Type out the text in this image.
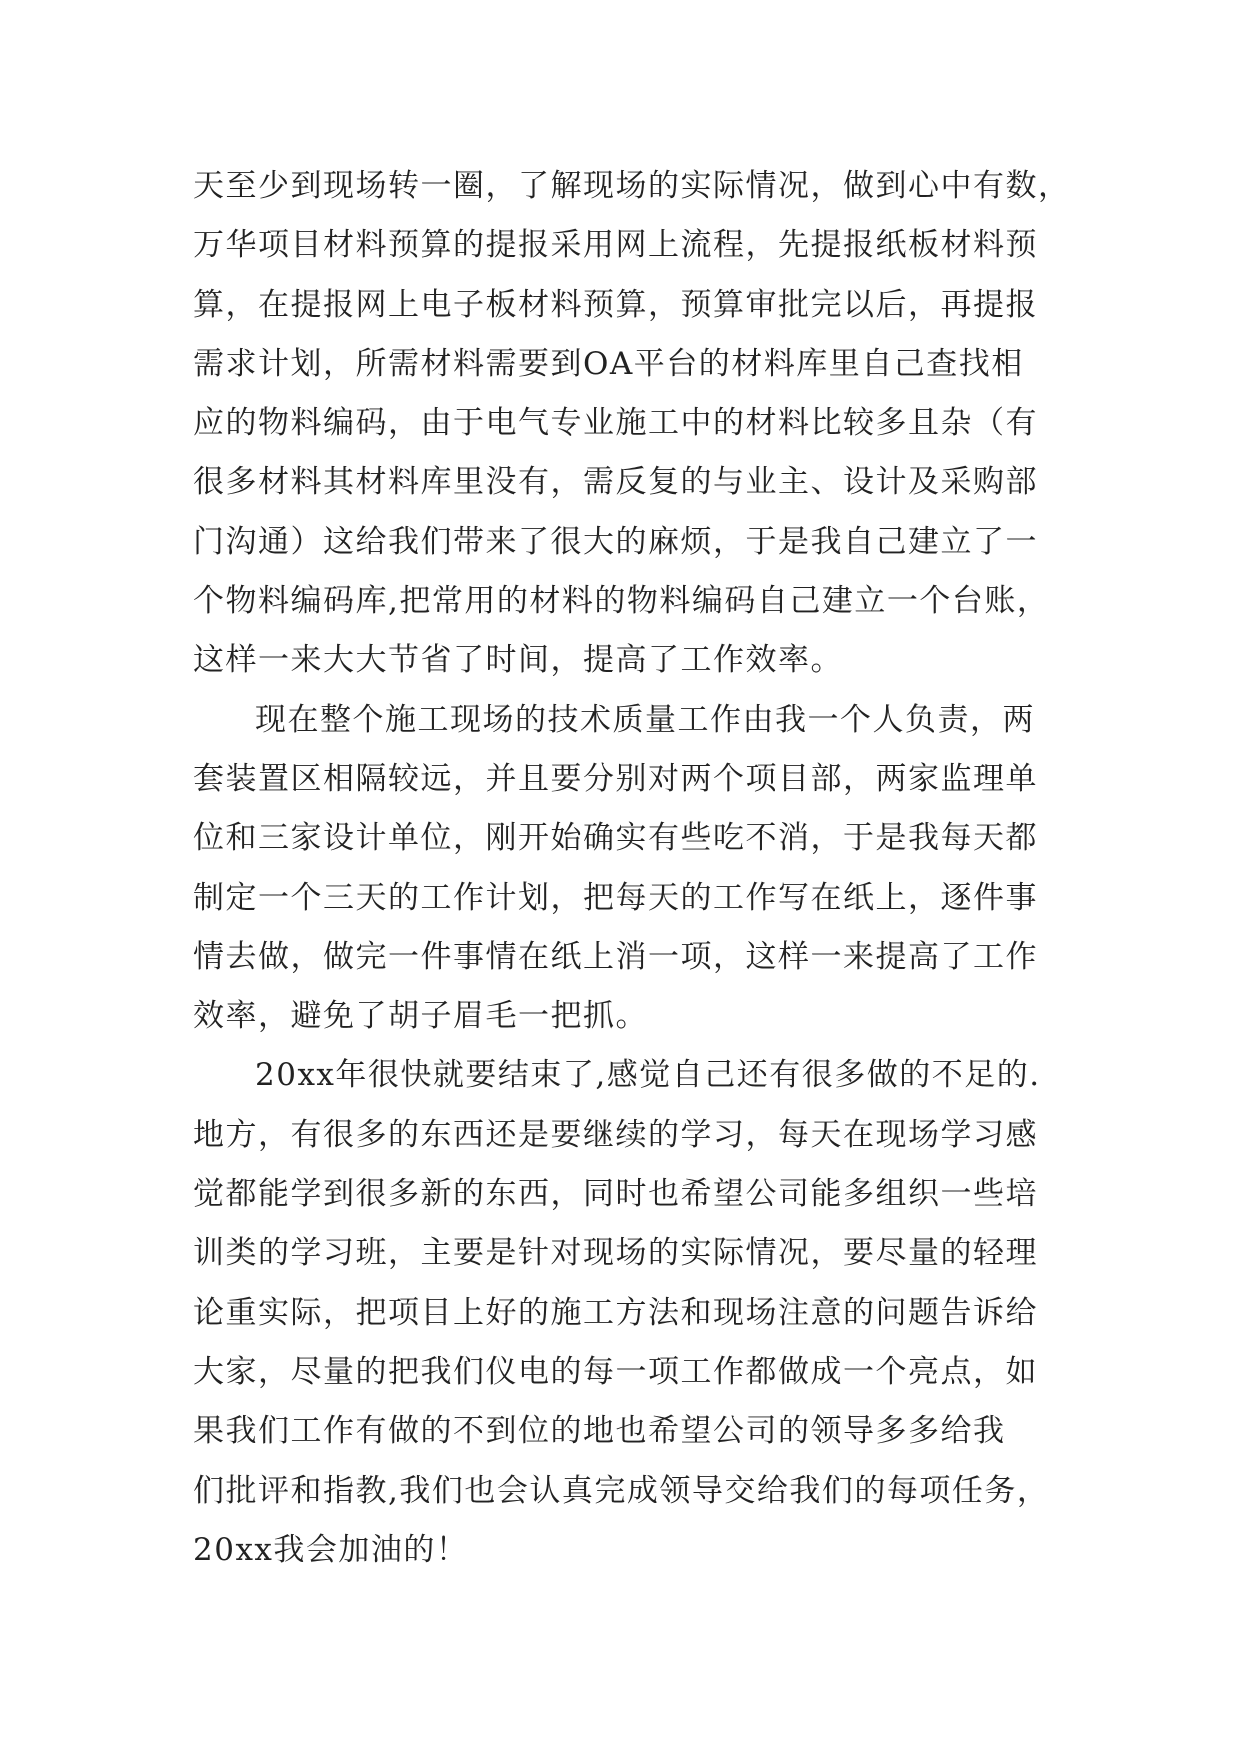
天至少到现场转一圈，了解现场的实际情况，做到心中有数，
万华项目材料预算的提报采用网上流程，先提报纸板材料预
算，在提报网上电子板材料预算，预算审批完以后，再提报
需求计划，所需材料需要到OA平台的材料库里自己查找相
应的物料编码，由于电气专业施工中的材料比较多且杂（有
很多材料其材料库里没有，需反复的与业主、设计及采购部
门沟通）这给我们带来了很大的麻烦，于是我自己建立了一
个物料编码库,把常用的材料的物料编码自己建立一个台账，
这样一来大大节省了时间，提高了工作效率。
现在整个施工现场的技术质量工作由我一个人负责，两
套装置区相隔较远，并且要分别对两个项目部，两家监理单
位和三家设计单位，刚开始确实有些吃不消，于是我每天都
制定一个三天的工作计划，把每天的工作写在纸上，逐件事
情去做，做完一件事情在纸上消一项，这样一来提高了工作
效率，避免了胡子眉毛一把抓。
20xx年很快就要结束了,感觉自己还有很多做的不足的.
地方，有很多的东西还是要继续的学习，每天在现场学习感
觉都能学到很多新的东西，同时也希望公司能多组织一些培
训类的学习班，主要是针对现场的实际情况，要尽量的轻理
论重实际，把项目上好的施工方法和现场注意的问题告诉给
大家，尽量的把我们仪电的每一项工作都做成一个亮点，如
果我们工作有做的不到位的地也希望公司的领导多多给我
们批评和指教,我们也会认真完成领导交给我们的每项任务，
20xx我会加油的！
